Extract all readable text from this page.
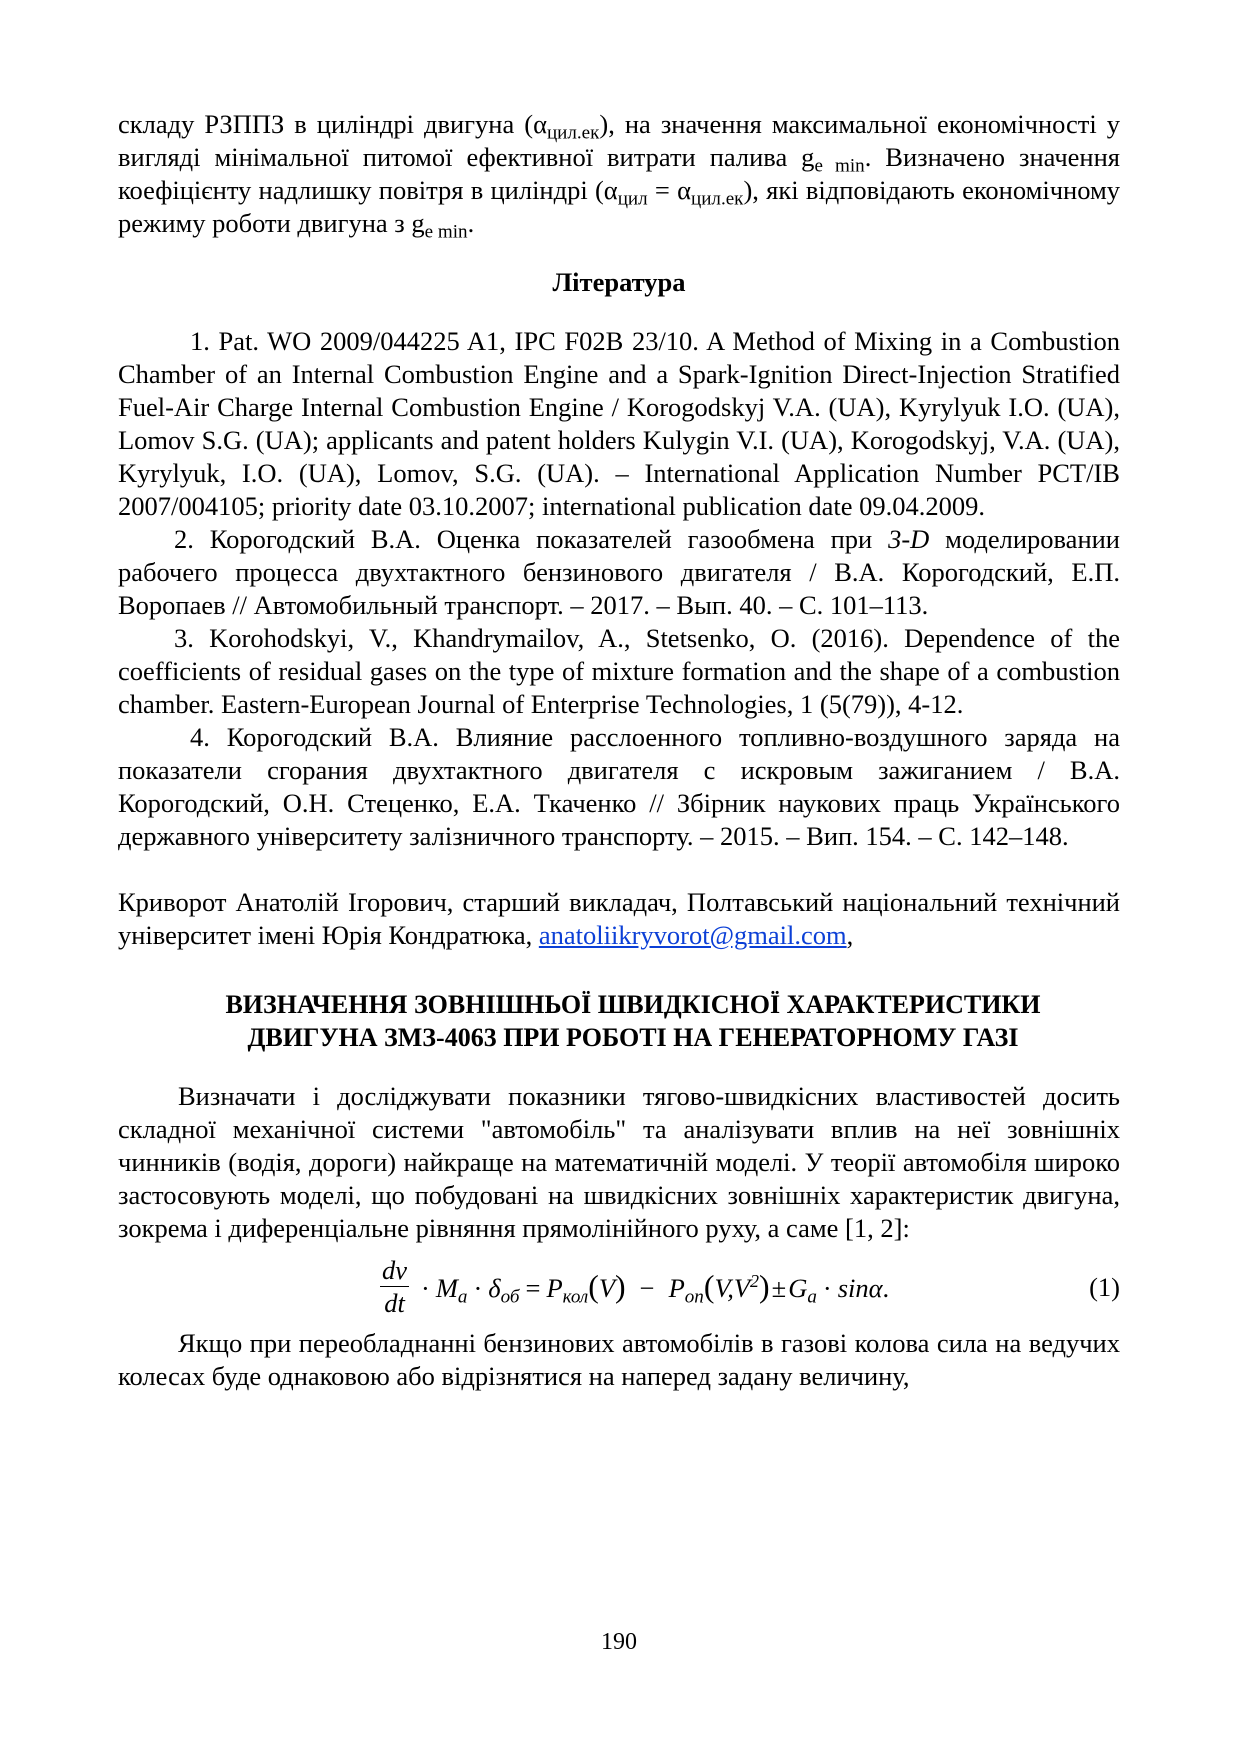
складу РЗППЗ в циліндрі двигуна $(\alpha_{цил.ек})$, на значення максимальної економічності у вигляді мінімальної питомої ефективної витрати палива $g_{e min}$. Визначено значення коефіцієнту надлишку повітря в циліндрі $(\alpha_{цил} = \alpha_{цил.ек})$, які відповідають економічному режиму роботи двигуна з $g_{e min}$.

Література

1. Pat. WO 2009/044225 A1, IPC F02B 23/10. A Method of Mixing in a Combustion Chamber of an Internal Combustion Engine and a Spark-Ignition Direct-Injection Stratified Fuel-Air Charge Internal Combustion Engine / Korogodskyj V.A. (UA), Kyrylyuk I.O. (UA), Lomov S.G. (UA); applicants and patent holders Kulygin V.I. (UA), Korogodskyj, V.A. (UA), Kyrylyuk, I.O. (UA), Lomov, S.G. (UA). – International Application Number PCT/IB 2007/004105; priority date 03.10.2007; international publication date 09.04.2009.

2. Корогодский В.А. Оценка показателей газообмена при 3-D моделировании рабочего процесса двухтактного бензинового двигателя / В.А. Корогодский, Е.П. Воропаев // Автомобильный транспорт. – 2017. – Вып. 40. – С. 101–113.

3. Korohodskyi, V., Khandrymailov, A., Stetsenko, O. (2016). Dependence of the coefficients of residual gases on the type of mixture formation and the shape of a combustion chamber. Eastern-European Journal of Enterprise Technologies, 1 (5(79)), 4-12.

4. Корогодский В.А. Влияние расслоенного топливно-воздушного заряда на показатели сгорания двухтактного двигателя с искровым зажиганием / В.А. Корогодский, О.Н. Стеценко, Е.А. Ткаченко // Збірник наукових праць Українського державного університету залізничного транспорту. – 2015. – Вип. 154. – С. 142–148.

Криворот Анатолій Ігорович, старший викладач, Полтавський національний технічний університет імені Юрія Кондратюка, anatoliikryvorot@gmail.com,

ВИЗНАЧЕННЯ ЗОВНІШНЬОЇ ШВИДКІСНОЇ ХАРАКТЕРИСТИКИ
ДВИГУНА ЗМЗ-4063 ПРИ РОБОТІ НА ГЕНЕРАТОРНОМУ ГАЗІ

Визначати і досліджувати показники тягово-швидкісних властивостей досить складної механічної системи "автомобіль" та аналізувати вплив на неї зовнішніх чинників (водія, дороги) найкраще на математичній моделі. У теорії автомобіля широко застосовують моделі, що побудовані на швидкісних зовнішніх характеристик двигуна, зокрема і диференціальне рівняння прямолінійного руху, а саме [1, 2]:

$\frac{dv}{dt} \cdot M_a \cdot \delta_{об} = P_{кол}(V) - P_{оп}(V,V^2)\pm G_a \cdot \sin\alpha$.	(1)

Якщо при переобладнанні бензинових автомобілів в газові колова сила на ведучих колесах буде однаковою або відрізнятися на наперед задану величину,

190
